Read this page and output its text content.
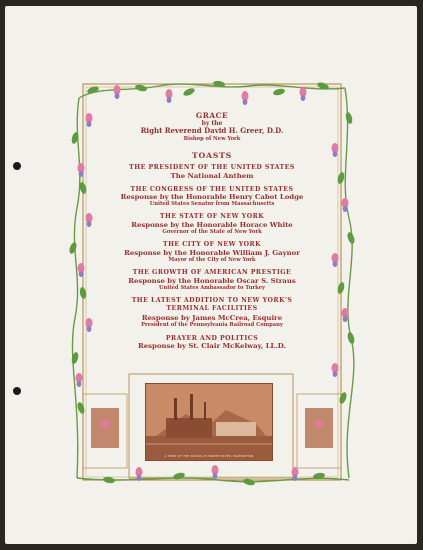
GRACE
by the
Right Reverend David H. Greer, D.D.
Bishop of New York
TOASTS
THE PRESIDENT OF THE UNITED STATES
The National Anthem
THE CONGRESS OF THE UNITED STATES
Response by the Honorable Henry Cabot Lodge
United States Senator from Massachusetts
THE STATE OF NEW YORK
Response by the Honorable Horace White
Governor of the State of New York
THE CITY OF NEW YORK
Response by the Honorable William J. Gaynor
Mayor of the City of New York
THE GROWTH OF AMERICAN PRESTIGE
Response by the Honorable Oscar S. Straus
United States Ambassador to Turkey
THE LATEST ADDITION TO NEW YORK'S TERMINAL FACILITIES
Response by James McCrea, Esquire
President of the Pennsylvania Railroad Company
PRAYER AND POLITICS
Response by St. Clair McKelway, LL.D.
A VIEW OF THE DOCKS AT NORTH RIVER, MANHATTAN
